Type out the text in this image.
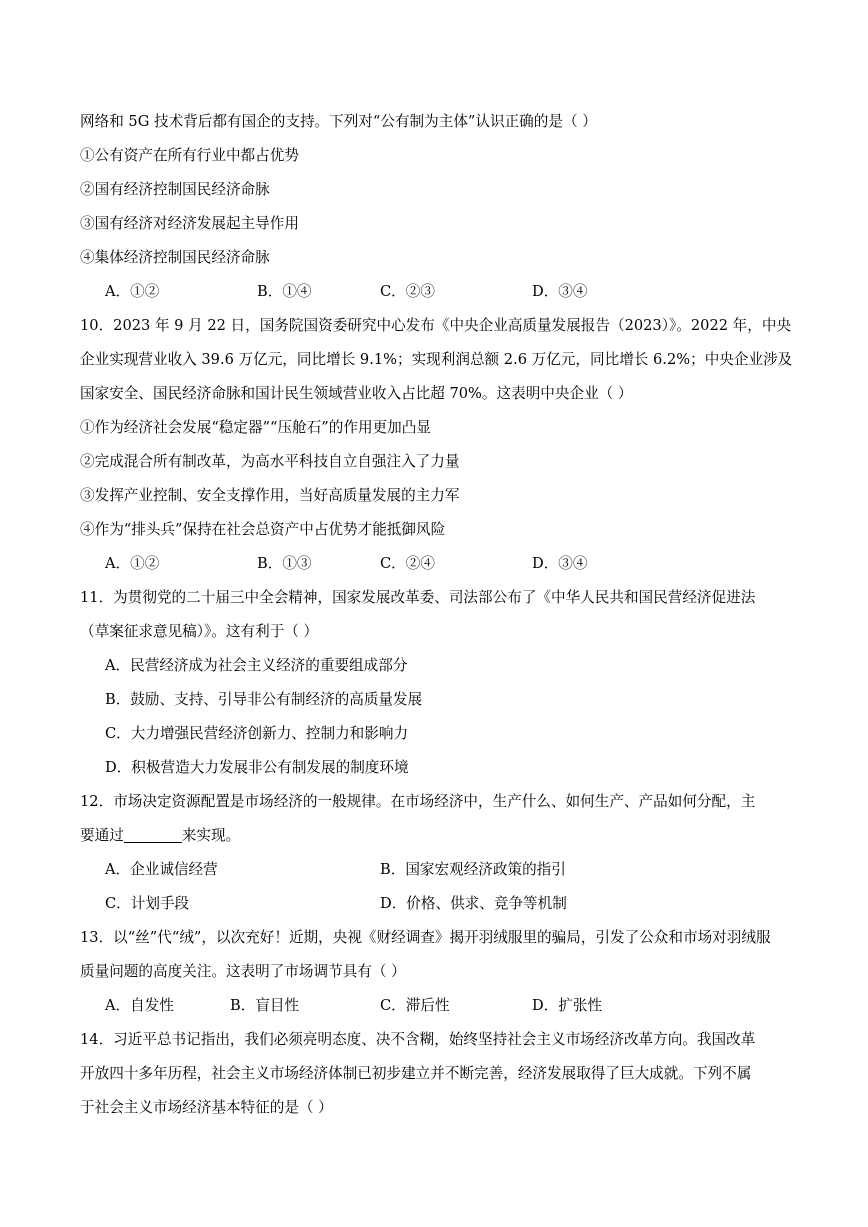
网络和 5G 技术背后都有国企的支持。下列对“公有制为主体”认识正确的是（ ）
①公有资产在所有行业中都占优势
②国有经济控制国民经济命脉
③国有经济对经济发展起主导作用
④集体经济控制国民经济命脉
A．①②	B．①④	C．②③	D．③④
10．2023 年 9 月 22 日，国务院国资委研究中心发布《中央企业高质量发展报告（2023）》。2022 年，中央
企业实现营业收入 39.6 万亿元，同比增长 9.1%；实现利润总额 2.6 万亿元，同比增长 6.2%；中央企业涉及
国家安全、国民经济命脉和国计民生领域营业收入占比超 70%。这表明中央企业（ ）
①作为经济社会发展“稳定器”“压舱石”的作用更加凸显
②完成混合所有制改革，为高水平科技自立自强注入了力量
③发挥产业控制、安全支撑作用，当好高质量发展的主力军
④作为“排头兵”保持在社会总资产中占优势才能抵御风险
A．①②	B．①③	C．②④	D．③④
11．为贯彻党的二十届三中全会精神，国家发展改革委、司法部公布了《中华人民共和国民营经济促进法
（草案征求意见稿）》。这有利于（ ）
A．民营经济成为社会主义经济的重要组成部分
B．鼓励、支持、引导非公有制经济的高质量发展
C．大力增强民营经济创新力、控制力和影响力
D．积极营造大力发展非公有制发展的制度环境
12．市场决定资源配置是市场经济的一般规律。在市场经济中，生产什么、如何生产、产品如何分配，主
要通过	来实现。
A．企业诚信经营	B．国家宏观经济政策的指引
C．计划手段	D．价格、供求、竞争等机制
13．以“丝”代“绒”，以次充好！近期，央视《财经调查》揭开羽绒服里的骗局，引发了公众和市场对羽绒服
质量问题的高度关注。这表明了市场调节具有（ ）
A．自发性	B．盲目性	C．滞后性	D．扩张性
14．习近平总书记指出，我们必须亮明态度、决不含糊，始终坚持社会主义市场经济改革方向。我国改革
开放四十多年历程，社会主义市场经济体制已初步建立并不断完善，经济发展取得了巨大成就。下列不属
于社会主义市场经济基本特征的是（ ）
